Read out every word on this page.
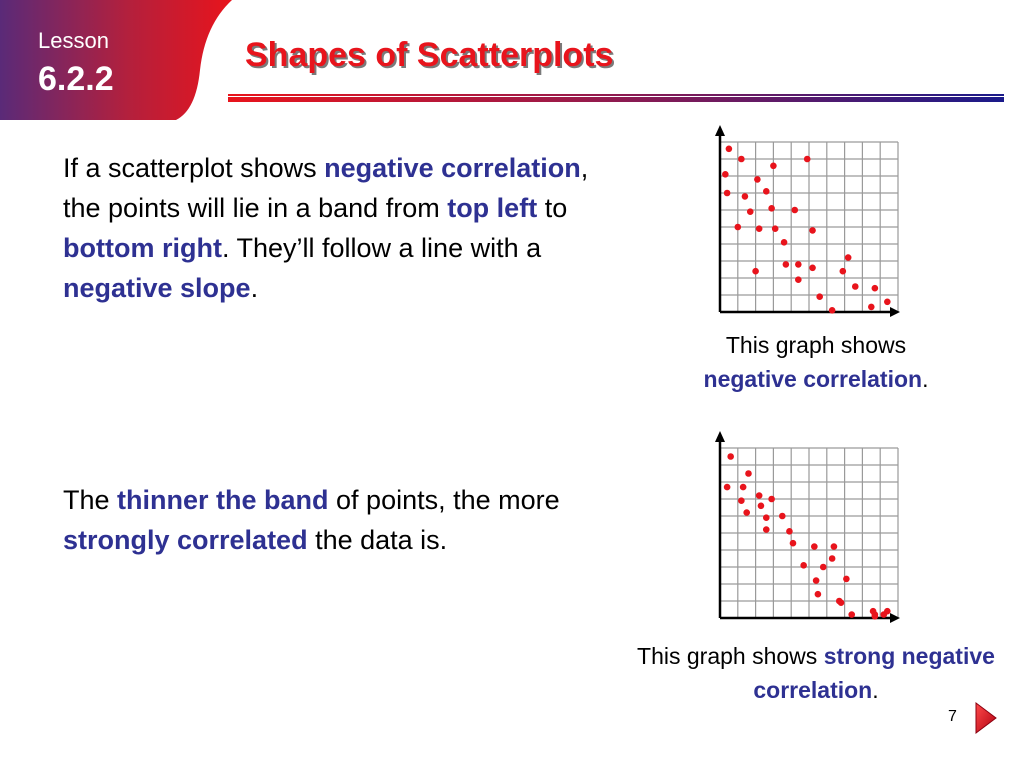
Lesson
6.2.2
Shapes of Scatterplots

If a scatterplot shows negative correlation, the points will lie in a band from top left to bottom right. They’ll follow a line with a negative slope.

The thinner the band of points, the more strongly correlated the data is.

This graph shows
negative correlation.

This graph shows strong negative correlation.

7
